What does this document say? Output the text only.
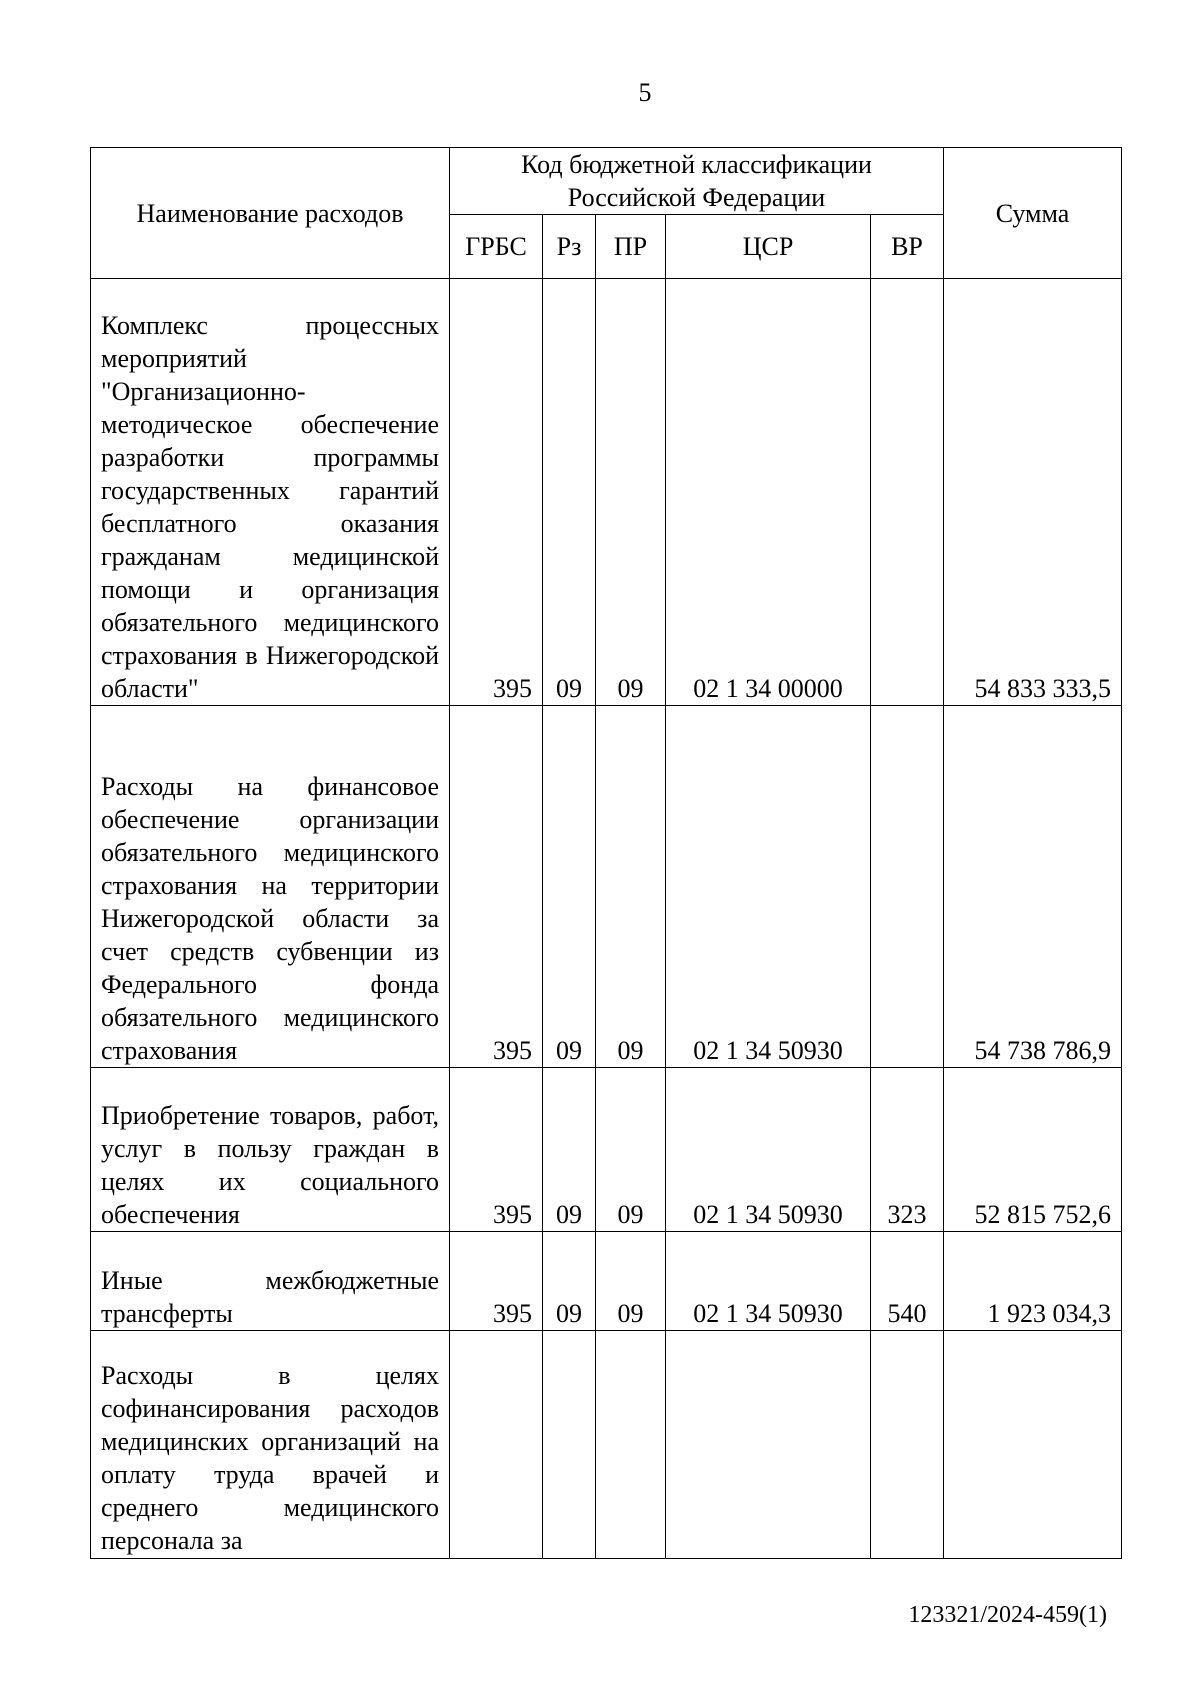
5
Наименование расходов	Код бюджетной классификации Российской Федерации					Сумма
	ГРБС	Рз	ПР	ЦСР	ВР	
Комплекс процессных мероприятий "Организационно-методическое обеспечение разработки программы государственных гарантий бесплатного оказания гражданам медицинской помощи и организация обязательного медицинского страхования в Нижегородской области"	395	09	09	02 1 34 00000		54 833 333,5
Расходы на финансовое обеспечение организации обязательного медицинского страхования на территории Нижегородской области за счет средств субвенции из Федерального фонда обязательного медицинского страхования	395	09	09	02 1 34 50930		54 738 786,9
Приобретение товаров, работ, услуг в пользу граждан в целях их социального обеспечения	395	09	09	02 1 34 50930	323	52 815 752,6
Иные межбюджетные трансферты	395	09	09	02 1 34 50930	540	1 923 034,3
Расходы в целях софинансирования расходов медицинских организаций на оплату труда врачей и среднего медицинского персонала за						
123321/2024-459(1)
